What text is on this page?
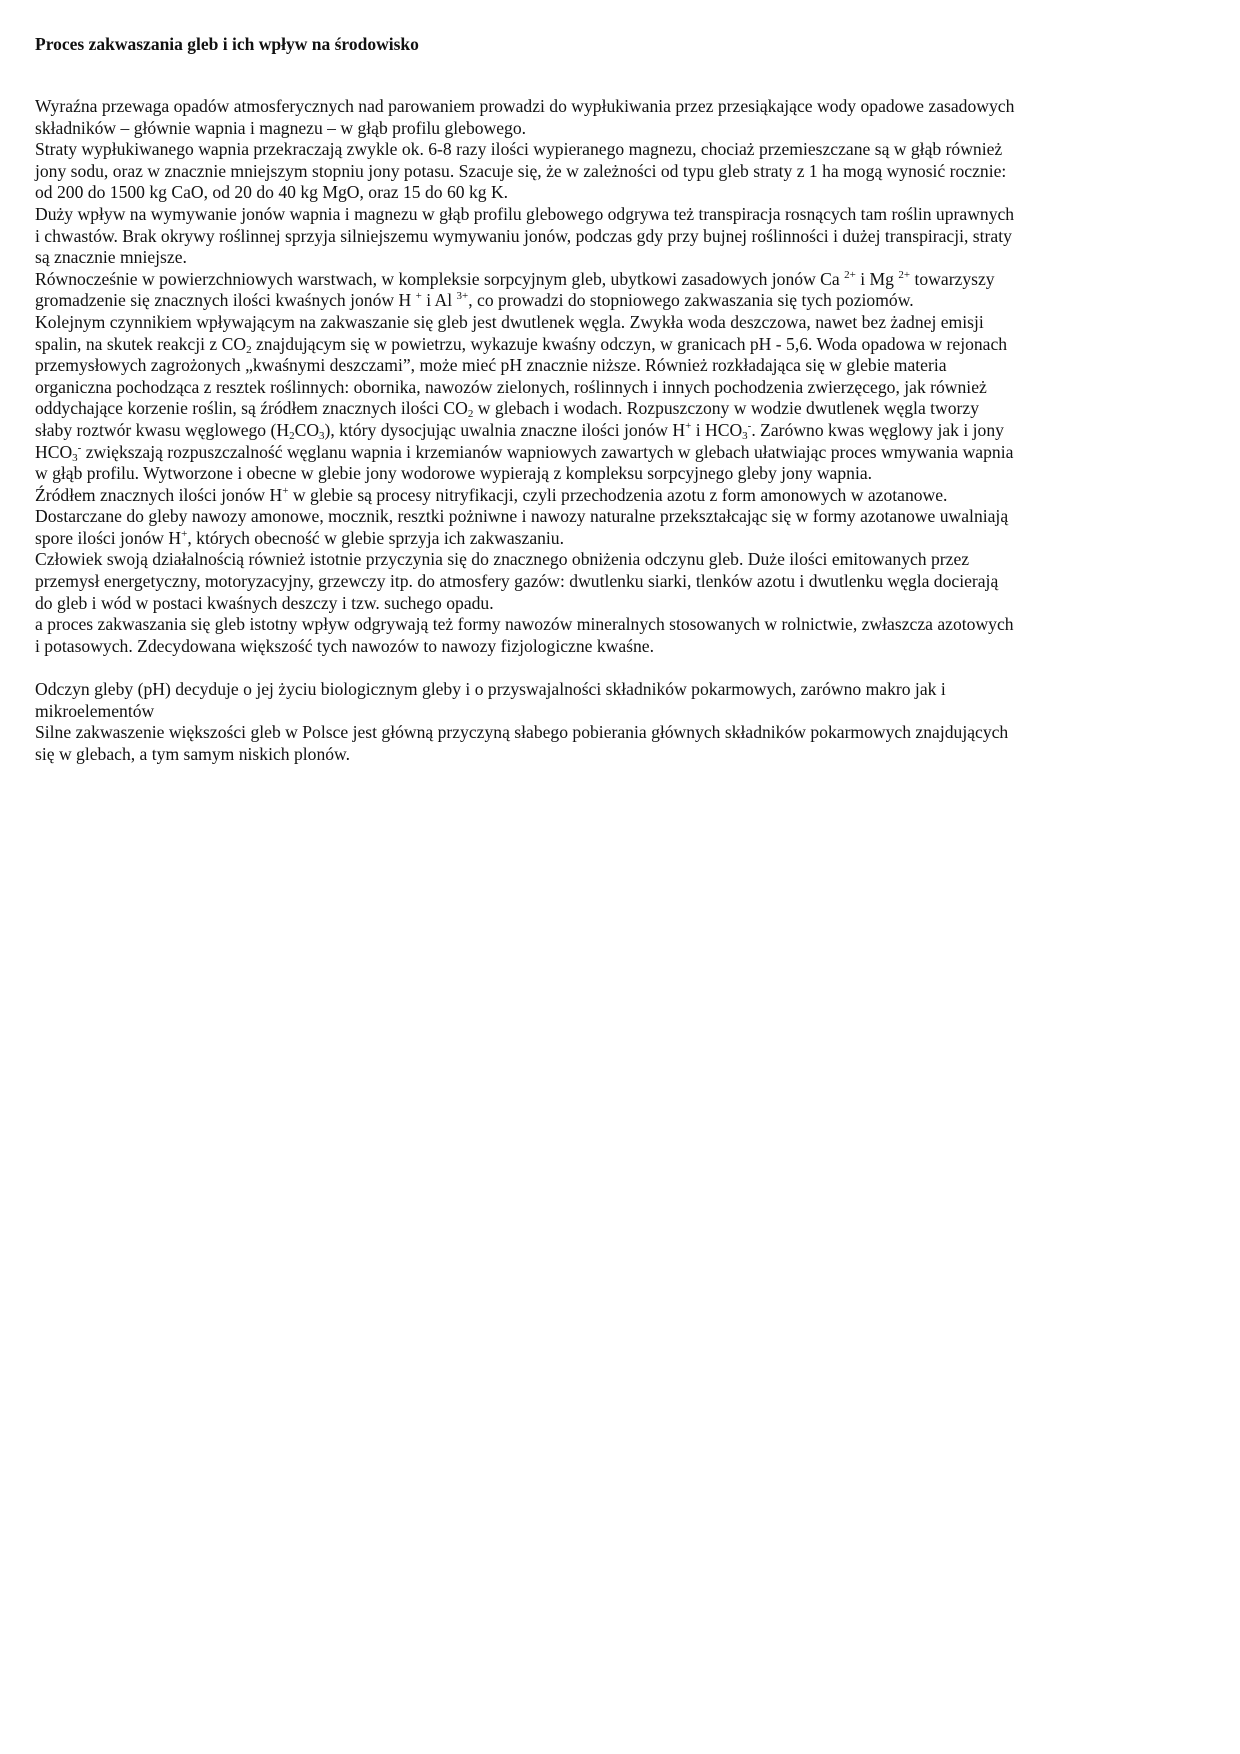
Proces zakwaszania gleb i ich wpływ na środowisko
Wyraźna przewaga opadów atmosferycznych nad parowaniem prowadzi do wypłukiwania przez przesiąkające wody opadowe zasadowych
składników – głównie wapnia i magnezu – w głąb profilu glebowego.
Straty wypłukiwanego wapnia przekraczają zwykle ok. 6-8 razy ilości wypieranego magnezu, chociaż przemieszczane są w głąb również
jony sodu, oraz w znacznie mniejszym stopniu jony potasu. Szacuje się, że w zależności od typu gleb straty z 1 ha mogą wynosić rocznie:
od 200 do 1500 kg CaO, od 20 do 40 kg MgO, oraz 15 do 60 kg K.
Duży wpływ na wymywanie jonów wapnia i magnezu w głąb profilu glebowego odgrywa też transpiracja rosnących tam roślin uprawnych
i chwastów. Brak okrywy roślinnej sprzyja silniejszemu wymywaniu jonów, podczas gdy przy bujnej roślinności i dużej transpiracji, straty
są znacznie mniejsze.
Równocześnie w powierzchniowych warstwach, w kompleksie sorpcyjnym gleb, ubytkowi zasadowych jonów Ca $^{2+}$ i Mg $^{2+}$ towarzyszy
gromadzenie się znacznych ilości kwaśnych jonów H + i Al $^{3+}$, co prowadzi do stopniowego zakwaszania się tych poziomów.
Kolejnym czynnikiem wpływającym na zakwaszanie się gleb jest dwutlenek węgla. Zwykła woda deszczowa, nawet bez żadnej emisji
spalin, na skutek reakcji z $CO_2$ znajdującym się w powietrzu, wykazuje kwaśny odczyn, w granicach pH - 5,6. Woda opadowa w rejonach
przemysłowych zagrożonych „kwaśnymi deszczami”, może mieć pH znacznie niższe. Również rozkładająca się w glebie materia
organiczna pochodząca z resztek roślinnych: obornika, nawozów zielonych, roślinnych i innych pochodzenia zwierzęcego, jak również
oddychające korzenie roślin, są źródłem znacznych ilości $CO_2$ w glebach i wodach. Rozpuszczony w wodzie dwutlenek węgla tworzy
słaby roztwór kwasu węglowego $(H_2CO_3)$, który dysocjując uwalnia znaczne ilości jonów H+ i $HCO_3^-$. Zarówno kwas węglowy jak i jony
$HCO_3^-$ zwiększają rozpuszczalność węglanu wapnia i krzemianów wapniowych zawartych w glebach ułatwiając proces wmywania wapnia
w głąb profilu. Wytworzone i obecne w glebie jony wodorowe wypierają z kompleksu sorpcyjnego gleby jony wapnia.
Źródłem znacznych ilości jonów H+ w glebie są procesy nitryfikacji, czyli przechodzenia azotu z form amonowych w azotanowe.
Dostarczane do gleby nawozy amonowe, mocznik, resztki pożniwne i nawozy naturalne przekształcając się w formy azotanowe uwalniają
spore ilości jonów H+, których obecność w glebie sprzyja ich zakwaszaniu.
Człowiek swoją działalnością również istotnie przyczynia się do znacznego obniżenia odczynu gleb. Duże ilości emitowanych przez
przemysł energetyczny, motoryzacyjny, grzewczy itp. do atmosfery gazów: dwutlenku siarki, tlenków azotu i dwutlenku węgla docierają
do gleb i wód w postaci kwaśnych deszczy i tzw. suchego opadu.
a proces zakwaszania się gleb istotny wpływ odgrywają też formy nawozów mineralnych stosowanych w rolnictwie, zwłaszcza azotowych
i potasowych. Zdecydowana większość tych nawozów to nawozy fizjologiczne kwaśne.
Odczyn gleby (pH) decyduje o jej życiu biologicznym gleby i o przyswajalności składników pokarmowych, zarówno makro jak i
mikroelementów
Silne zakwaszenie większości gleb w Polsce jest główną przyczyną słabego pobierania głównych składników pokarmowych znajdujących
się w glebach, a tym samym niskich plonów.
